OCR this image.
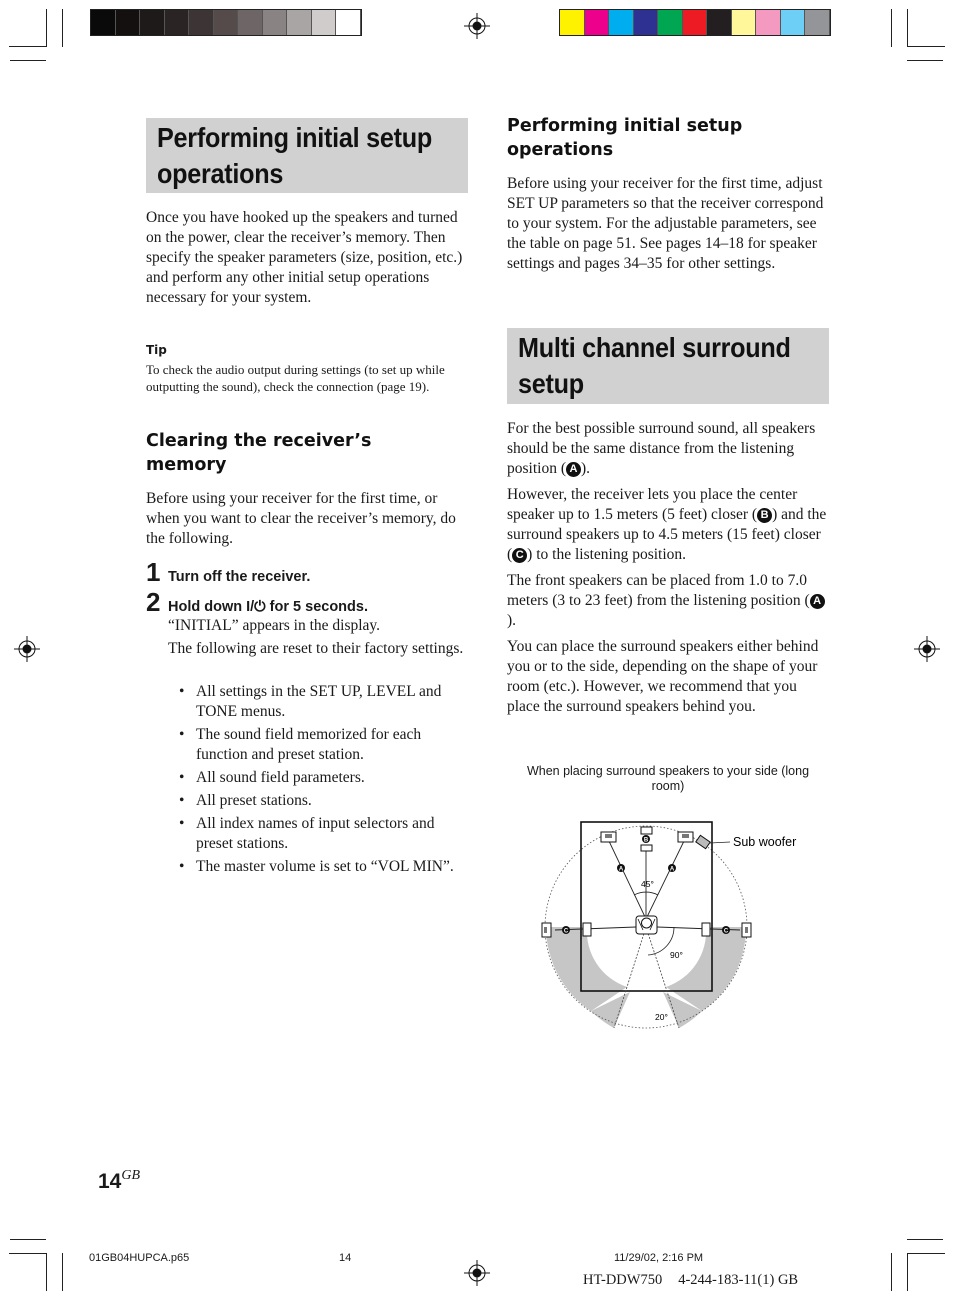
Performing initial setup operations

Once you have hooked up the speakers and turned on the power, clear the receiver’s memory. Then specify the speaker parameters (size, position, etc.) and perform any other initial setup operations necessary for your system.

Tip
To check the audio output during settings (to set up while outputting the sound), check the connection (page 19).
Clearing the receiver’s memory

Before using your receiver for the first time, or when you want to clear the receiver’s memory, do the following.

1 Turn off the receiver.
2 Hold down I/⏻ for 5 seconds.

“INITIAL” appears in the display.

The following are reset to their factory settings.

• All settings in the SET UP, LEVEL and TONE menus.
• The sound field memorized for each function and preset station.
• All sound field parameters.
• All preset stations.
• All index names of input selectors and preset stations.
• The master volume is set to “VOL MIN”.
Performing initial setup operations

Before using your receiver for the first time, adjust SET UP parameters so that the receiver correspond to your system. For the adjustable parameters, see the table on page 51. See pages 14–18 for speaker settings and pages 34–35 for other settings.

Multi channel surround setup

For the best possible surround sound, all speakers should be the same distance from the listening position ( A ).

However, the receiver lets you place the center speaker up to 1.5 meters (5 feet) closer ( B ) and the surround speakers up to 4.5 meters (15 feet) closer ( C ) to the listening position.

The front speakers can be placed from 1.0 to 7.0 meters (3 to 23 feet) from the listening position ( A).

You can place the surround speakers either behind you or to the side, depending on the shape of your room (etc.). However, we recommend that you place the surround speakers behind you.

When placing surround speakers to your side (long room)
A	A
B
C	C
45°
90°
20°
Sub woofer
$14^{GB}$
01GB04HUPCA.p65	14	11/29/02, 2:16 PM
HT-DDW750 4-244-183-11(1) GB
